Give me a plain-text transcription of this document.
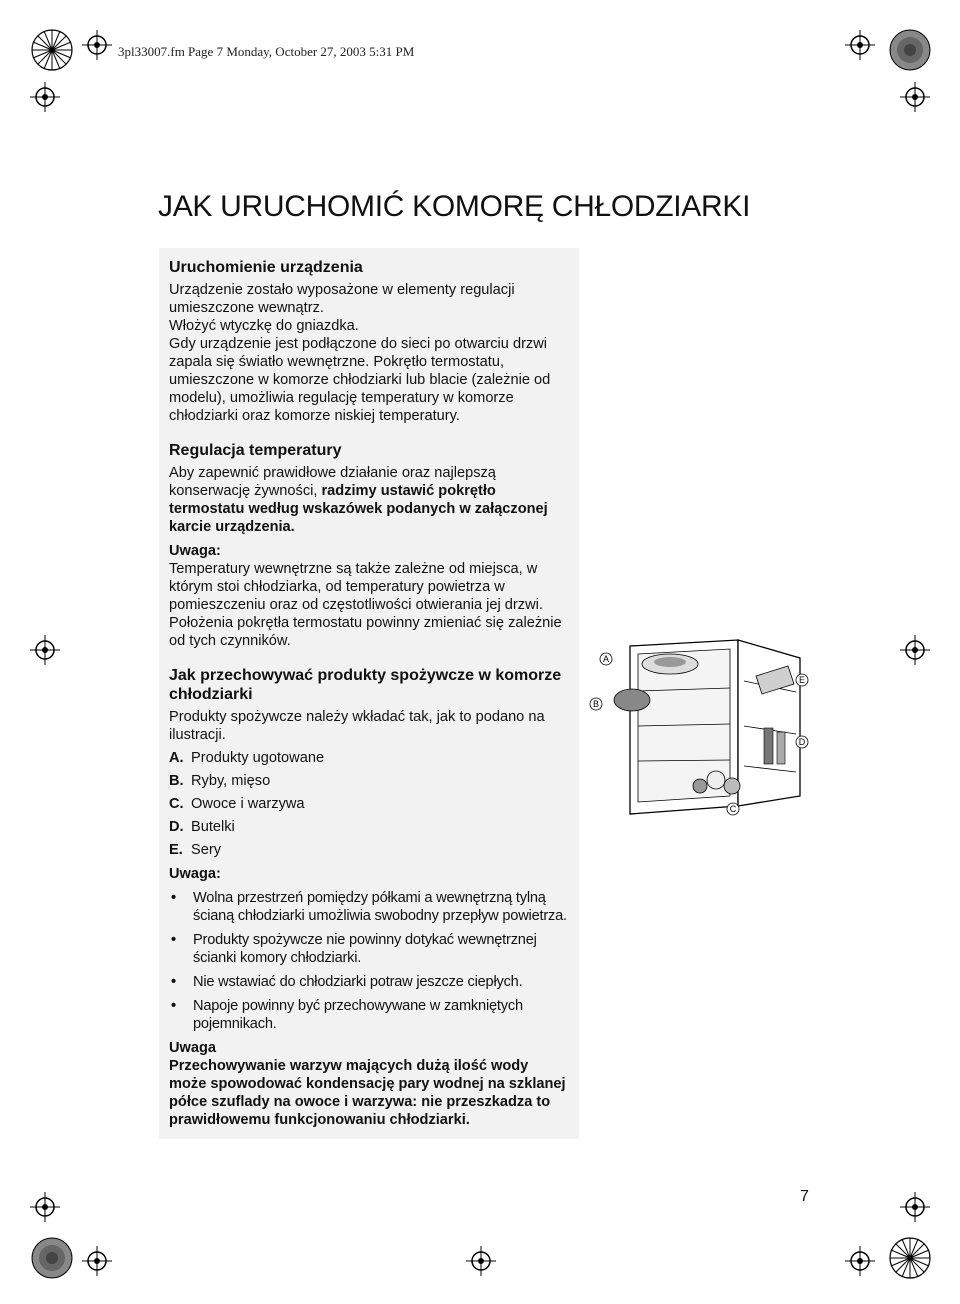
3pl33007.fm Page 7 Monday, October 27, 2003 5:31 PM
JAK URUCHOMIĆ KOMORĘ CHŁODZIARKI
Uruchomienie urządzenia

Urządzenie zostało wyposażone w elementy regulacji umieszczone wewnątrz.

Włożyć wtyczkę do gniazdka.

Gdy urządzenie jest podłączone do sieci po otwarciu drzwi zapala się światło wewnętrzne. Pokrętło termostatu, umieszczone w komorze chłodziarki lub blacie (zależnie od modelu), umożliwia regulację temperatury w komorze chłodziarki oraz komorze niskiej temperatury.

Regulacja temperatury

Aby zapewnić prawidłowe działanie oraz najlepszą konserwację żywności, radzimy ustawić pokrętło termostatu według wskazówek podanych w załączonej karcie urządzenia.

Uwaga:

Temperatury wewnętrzne są także zależne od miejsca, w którym stoi chłodziarka, od temperatury powietrza w pomieszczeniu oraz od częstotliwości otwierania jej drzwi. Położenia pokrętła termostatu powinny zmieniać się zależnie od tych czynników.

Jak przechowywać produkty spożywcze w komorze chłodziarki

Produkty spożywcze należy wkładać tak, jak to podano na ilustracji.

A. Produkty ugotowane
B. Ryby, mięso
C. Owoce i warzywa
D. Butelki
E. Sery

Uwaga:

• Wolna przestrzeń pomiędzy półkami a wewnętrzną tylną ścianą chłodziarki umożliwia swobodny przepływ powietrza.
• Produkty spożywcze nie powinny dotykać wewnętrznej ścianki komory chłodziarki.
• Nie wstawiać do chłodziarki potraw jeszcze ciepłych.
• Napoje powinny być przechowywane w zamkniętych pojemnikach.

Uwaga

Przechowywanie warzyw mających dużą ilość wody może spowodować kondensację pary wodnej na szklanej półce szuflady na owoce i warzywa: nie przeszkadza to prawidłowemu funkcjonowaniu chłodziarki.

A
B
C
D
E
7
